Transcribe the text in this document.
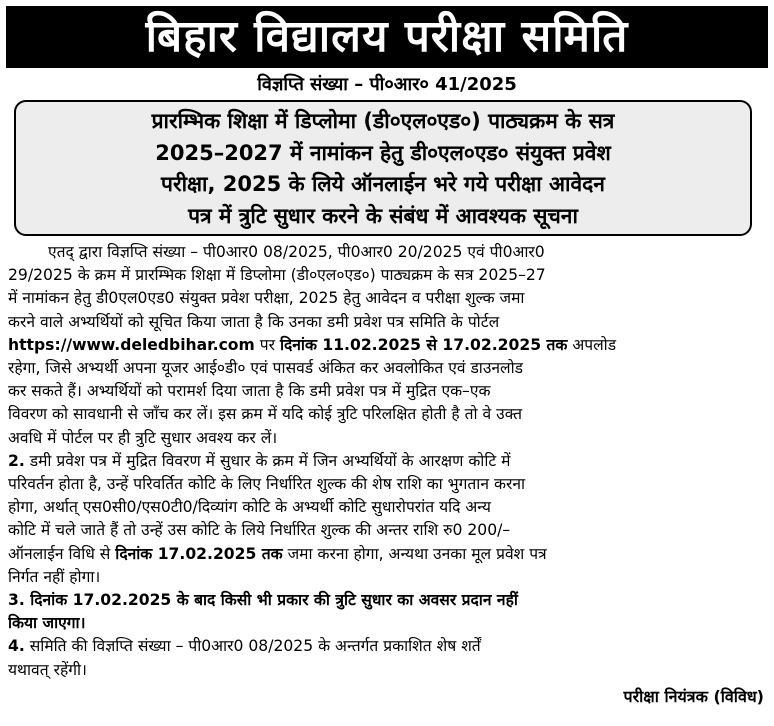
बिहार विद्यालय परीक्षा समिति
विज्ञप्ति संख्या – पी०आर० 41/2025
प्रारम्भिक शिक्षा में डिप्लोमा (डी०एल०एड०) पाठ्यक्रम के सत्र
2025–2027 में नामांकन हेतु डी०एल०एड० संयुक्त प्रवेश
परीक्षा, 2025 के लिये ऑनलाईन भरे गये परीक्षा आवेदन
पत्र में त्रुटि सुधार करने के संबंध में आवश्यक सूचना
एतद् द्वारा विज्ञप्ति संख्या – पी0आर0 08/2025, पी0आर0 20/2025 एवं पी0आर0
29/2025 के क्रम में प्रारम्भिक शिक्षा में डिप्लोमा (डी०एल०एड०) पाठ्यक्रम के सत्र 2025–27
में नामांकन हेतु डी0एल0एड0 संयुक्त प्रवेश परीक्षा, 2025 हेतु आवेदन व परीक्षा शुल्क जमा
करने वाले अभ्यर्थियों को सूचित किया जाता है कि उनका डमी प्रवेश पत्र समिति के पोर्टल
https://www.deledbihar.com पर दिनांक 11.02.2025 से 17.02.2025 तक अपलोड
रहेगा, जिसे अभ्यर्थी अपना यूजर आई०डी० एवं पासवर्ड अंकित कर अवलोकित एवं डाउनलोड
कर सकते हैं। अभ्यर्थियों को परामर्श दिया जाता है कि डमी प्रवेश पत्र में मुद्रित एक–एक
विवरण को सावधानी से जाँच कर लें। इस क्रम में यदि कोई त्रुटि परिलक्षित होती है तो वे उक्त
अवधि में पोर्टल पर ही त्रुटि सुधार अवश्य कर लें।
2. डमी प्रवेश पत्र में मुद्रित विवरण में सुधार के क्रम में जिन अभ्यर्थियों के आरक्षण कोटि में
परिवर्तन होता है, उन्हें परिवर्तित कोटि के लिए निर्धारित शुल्क की शेष राशि का भुगतान करना
होगा, अर्थात् एस0सी0/एस0टी0/दिव्यांग कोटि के अभ्यर्थी कोटि सुधारोपरांत यदि अन्य
कोटि में चले जाते हैं तो उन्हें उस कोटि के लिये निर्धारित शुल्क की अन्तर राशि रु0 200/–
ऑनलाईन विधि से दिनांक 17.02.2025 तक जमा करना होगा, अन्यथा उनका मूल प्रवेश पत्र
निर्गत नहीं होगा।
3. दिनांक 17.02.2025 के बाद किसी भी प्रकार की त्रुटि सुधार का अवसर प्रदान नहीं
किया जाएगा।
4. समिति की विज्ञप्ति संख्या – पी0आर0 08/2025 के अन्तर्गत प्रकाशित शेष शर्तें
यथावत् रहेंगी।
परीक्षा नियंत्रक (विविध)
